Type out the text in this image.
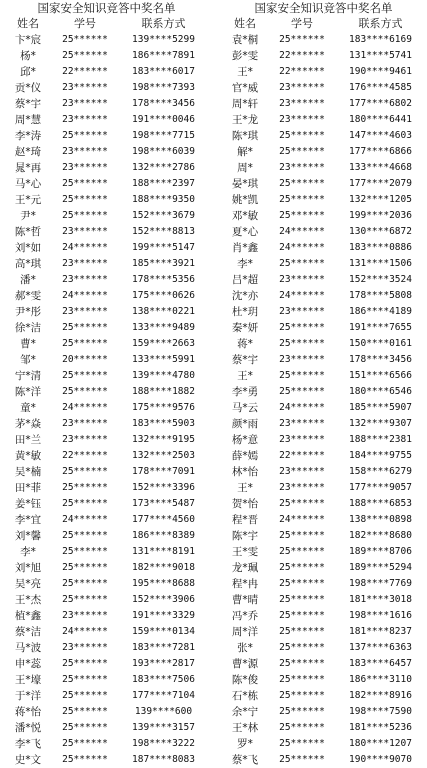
国家安全知识竞答中奖名单
姓名	学号	联系方式
卞*宸	25******	139****5299
杨*	25******	186****7891
邱*	22******	183****6017
贡*仪	23******	198****7393
蔡*宇	23******	178****3456
周*慧	23******	191****0046
李*涛	25******	198****7715
赵*琦	23******	198****6039
晁*再	23******	132****2786
马*心	25******	188****2397
王*元	25******	188****9350
尹*	25******	152****3679
陈*哲	23******	152****8813
刘*如	24******	199****5147
高*琪	23******	185****3921
潘*	23******	178****5356
郝*雯	24******	175****0626
尹*彤	23******	138****0221
徐*洁	25******	133****9489
曹*	25******	159****2663
邹*	20******	133****5991
宁*清	25******	139****4780
陈*洋	25******	188****1882
童*	24******	175****9576
茅*焱	23******	183****5903
田*兰	23******	132****9195
黄*敏	22******	132****2503
吴*楠	25******	178****7091
田*菲	25******	152****3396
姜*钰	25******	173****5487
李*宜	24******	177****4560
刘*馨	25******	186****8389
李*	25******	131****8191
刘*旭	25******	182****9018
吴*亮	25******	195****8688
王*杰	25******	152****3906
植*鑫	23******	191****3329
蔡*洁	24******	159****0134
马*波	23******	183****7281
申*蕊	25******	193****2817
王*壕	25******	183****7506
于*洋	25******	177****7104
蒋*怡	25******	139****600
潘*悦	25******	139****3157
李*飞	25******	198****3222
史*文	25******	187****8083
国家安全知识竞答中奖名单
姓名	学号	联系方式
袁*桐	25******	183****6169
彭*雯	22******	131****5741
王*	22******	190****9461
官*威	23******	176****4585
周*轩	23******	177****6802
王*龙	23******	180****6441
陈*琪	25******	147****4603
解*	25******	177****6866
周*	23******	133****4668
晏*琪	25******	177****2079
姚*凯	25******	132****1205
邓*敏	25******	199****2036
夏*心	24******	130****6872
肖*鑫	24******	183****0886
李*	25******	131****1506
吕*超	23******	152****3524
沈*亦	24******	178****5808
杜*玥	23******	186****4189
秦*妍	25******	191****7655
蒋*	25******	150****0161
蔡*宇	23******	178****3456
王*	25******	151****6566
李*勇	25******	180****6546
马*云	24******	185****5907
颜*雨	23******	132****9307
杨*意	23******	188****2381
薛*嫣	22******	184****9755
林*怡	23******	158****6279
王*	23******	177****9057
贺*怡	25******	188****6853
程*晋	24******	138****0898
陈*宇	25******	182****8680
王*雯	25******	189****8706
龙*珮	25******	189****5294
程*冉	25******	198****7769
曹*晴	25******	181****3018
冯*乔	25******	198****1616
周*洋	25******	181****8237
张*	25******	137****6363
曹*源	25******	183****6457
陈*俊	25******	186****3110
石*栋	25******	182****8916
余*宁	25******	198****7590
王*林	25******	181****5236
罗*	25******	180****1207
蔡*飞	25******	190****9070
